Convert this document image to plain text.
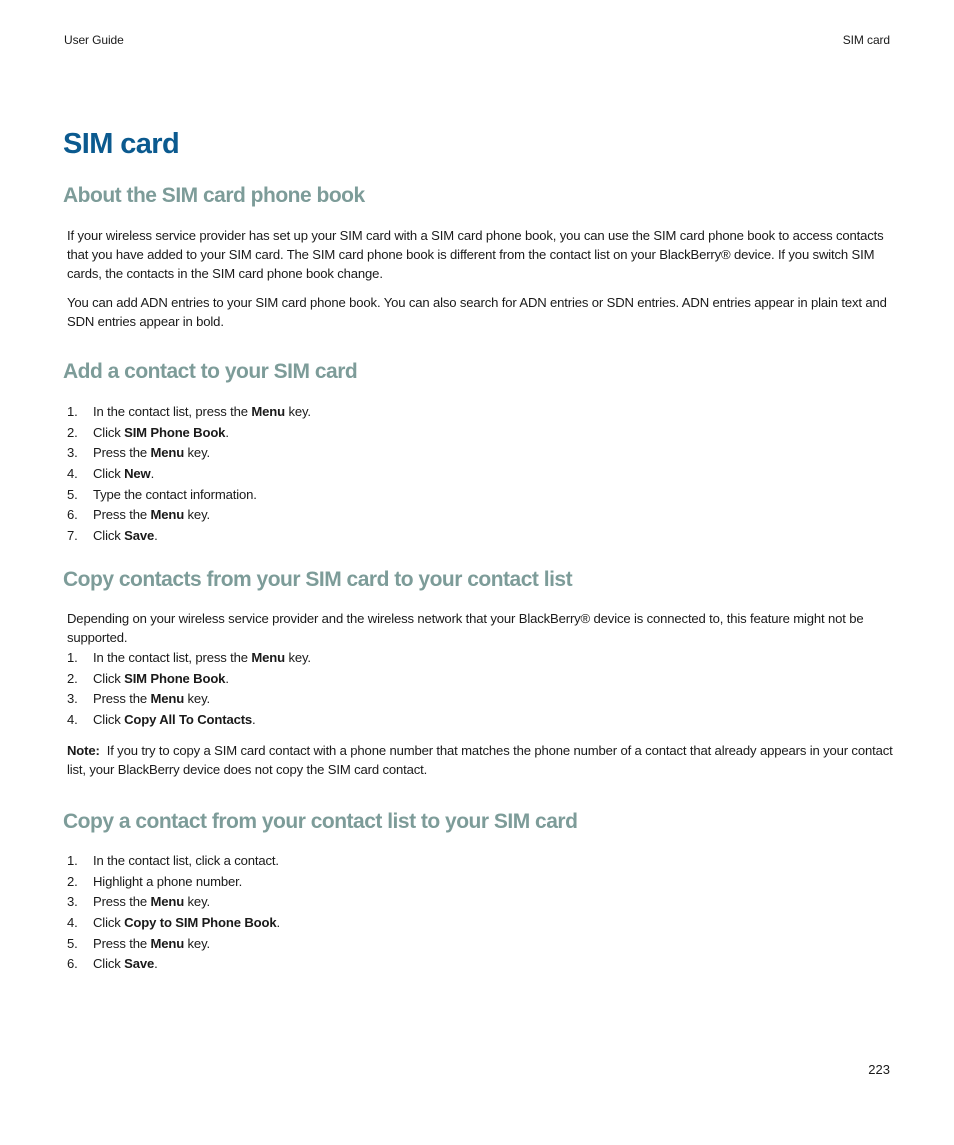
User Guide	SIM card
SIM card
About the SIM card phone book

If your wireless service provider has set up your SIM card with a SIM card phone book, you can use the SIM card phone book to access contacts that you have added to your SIM card. The SIM card phone book is different from the contact list on your BlackBerry® device. If you switch SIM cards, the contacts in the SIM card phone book change.

You can add ADN entries to your SIM card phone book. You can also search for ADN entries or SDN entries. ADN entries appear in plain text and SDN entries appear in bold.

Add a contact to your SIM card
1. In the contact list, press the Menu key.
2. Click SIM Phone Book.
3. Press the Menu key.
4. Click New.
5. Type the contact information.
6. Press the Menu key.
7. Click Save.
Copy contacts from your SIM card to your contact list

Depending on your wireless service provider and the wireless network that your BlackBerry® device is connected to, this feature might not be supported.

1. In the contact list, press the Menu key.
2. Click SIM Phone Book.
3. Press the Menu key.
4. Click Copy All To Contacts.

Note: If you try to copy a SIM card contact with a phone number that matches the phone number of a contact that already appears in your contact list, your BlackBerry device does not copy the SIM card contact.

Copy a contact from your contact list to your SIM card
1. In the contact list, click a contact.
2. Highlight a phone number.
3. Press the Menu key.
4. Click Copy to SIM Phone Book.
5. Press the Menu key.
6. Click Save.
223
